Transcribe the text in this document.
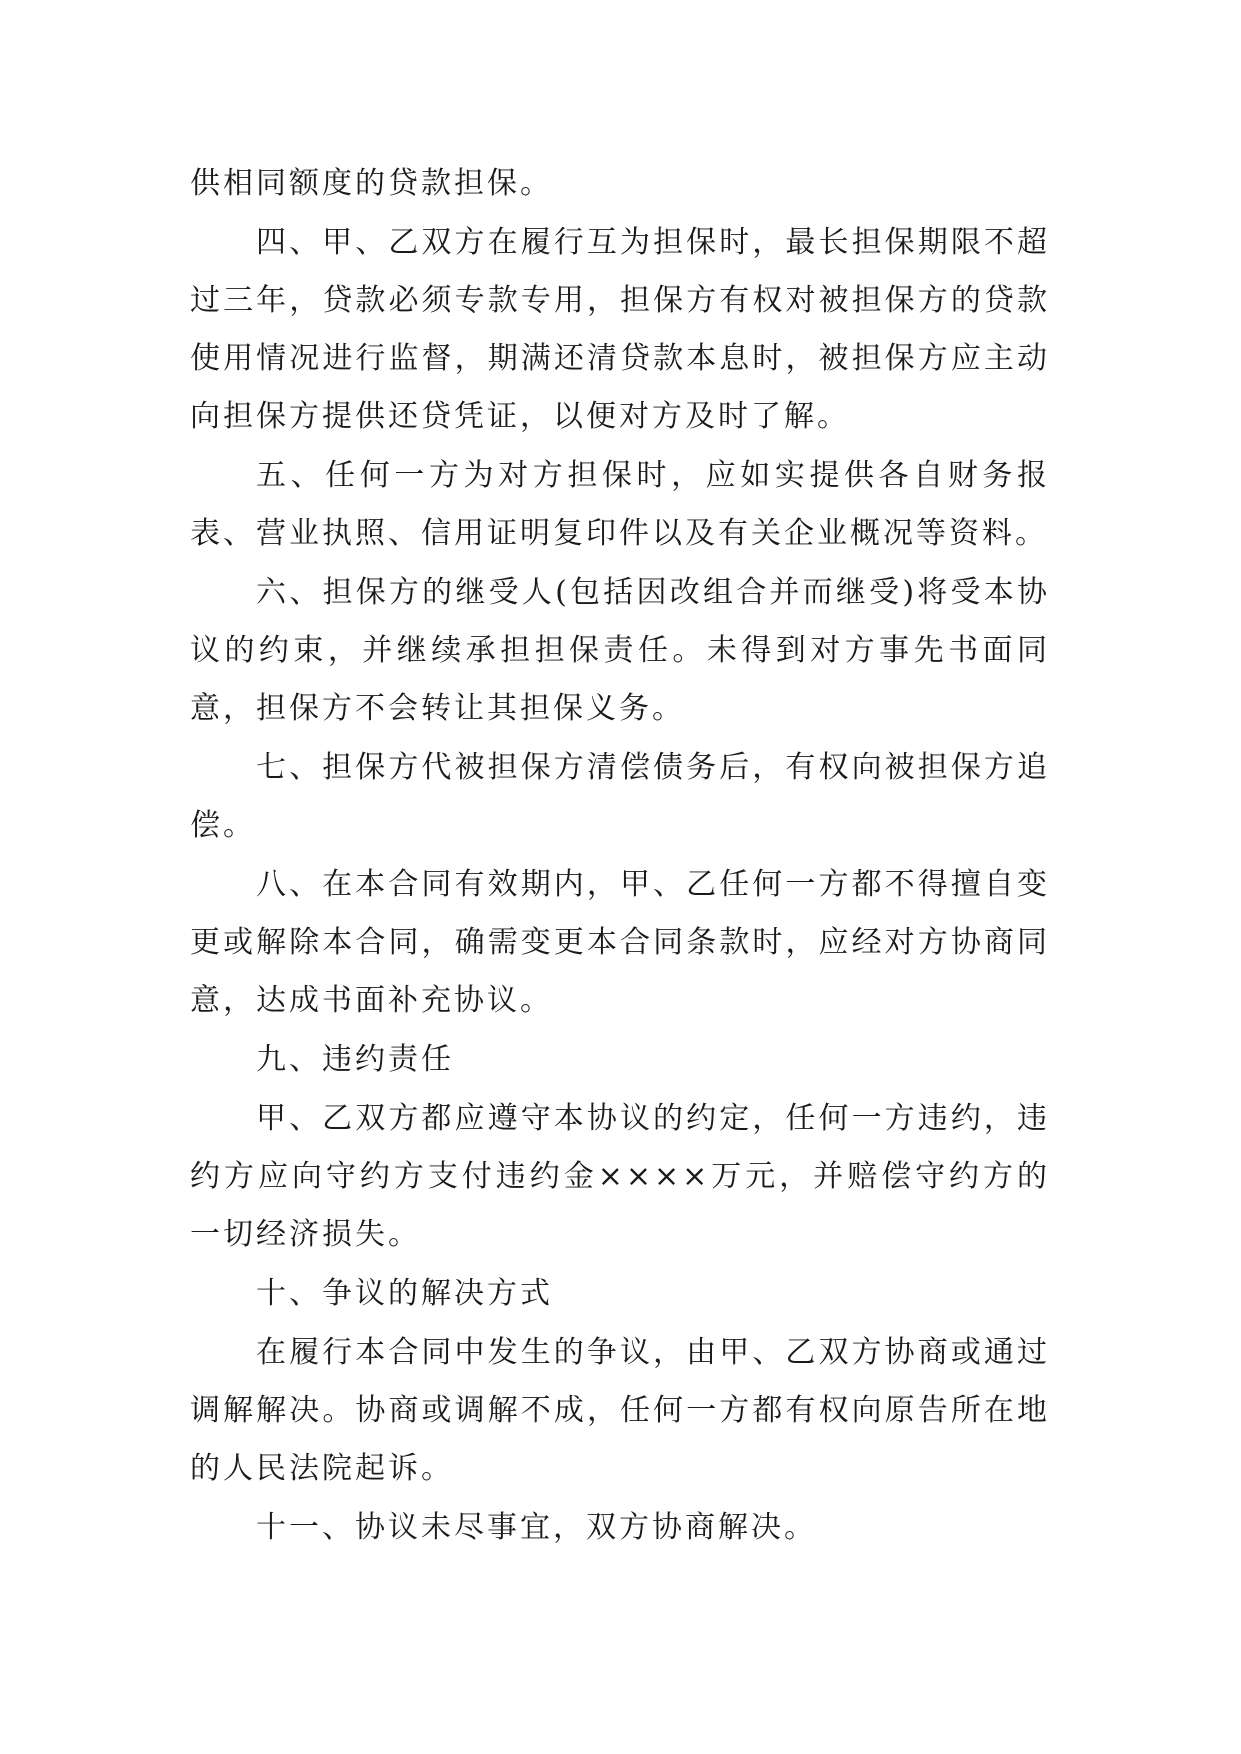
供相同额度的贷款担保。

四、甲、乙双方在履行互为担保时，最长担保期限不超过三年，贷款必须专款专用，担保方有权对被担保方的贷款使用情况进行监督，期满还清贷款本息时，被担保方应主动向担保方提供还贷凭证，以便对方及时了解。

五、任何一方为对方担保时，应如实提供各自财务报表、营业执照、信用证明复印件以及有关企业概况等资料。

六、担保方的继受人(包括因改组合并而继受)将受本协议的约束，并继续承担担保责任。未得到对方事先书面同意，担保方不会转让其担保义务。

七、担保方代被担保方清偿债务后，有权向被担保方追偿。

八、在本合同有效期内，甲、乙任何一方都不得擅自变更或解除本合同，确需变更本合同条款时，应经对方协商同意，达成书面补充协议。

九、违约责任

甲、乙双方都应遵守本协议的约定，任何一方违约，违约方应向守约方支付违约金××××万元，并赔偿守约方的一切经济损失。

十、争议的解决方式

在履行本合同中发生的争议，由甲、乙双方协商或通过调解解决。协商或调解不成，任何一方都有权向原告所在地的人民法院起诉。

十一、协议未尽事宜，双方协商解决。
